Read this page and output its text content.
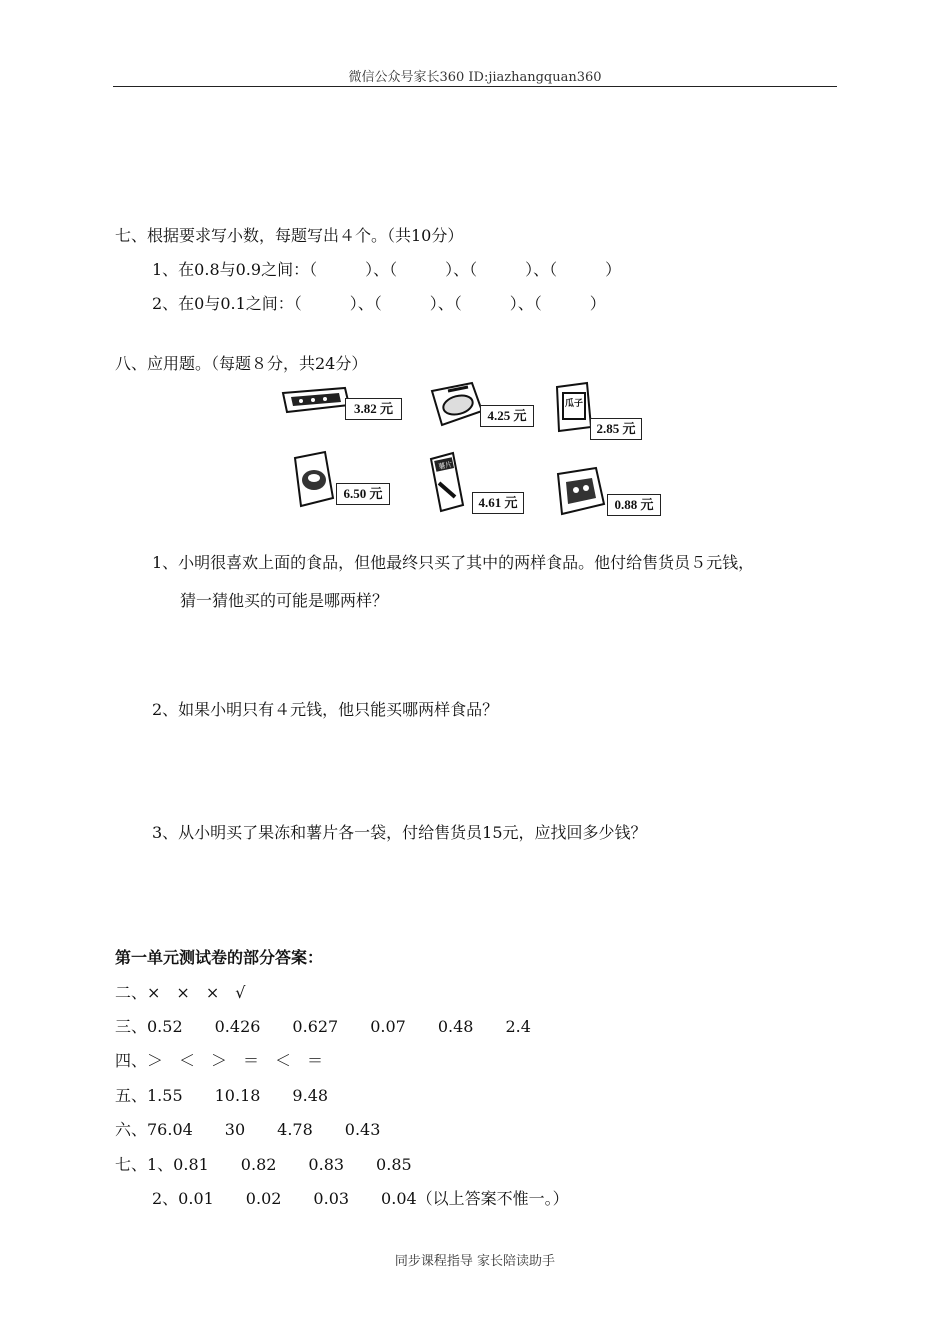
微信公众号家长360 ID:jiazhangquan360
七、根据要求写小数，每题写出４个。（共10分）
1、在0.8与0.9之间：（　　　）、（　　　）、（　　　）、（　　　）
2、在0与0.1之间：（　　　）、（　　　）、（　　　）、（　　　）
八、应用题。（每题８分，共24分）
3.82 元	4.25 元
瓜子
2.85 元
6.50 元
薯片
4.61 元	0.88 元
1、小明很喜欢上面的食品，但他最终只买了其中的两样食品。他付给售货员５元钱，
猜一猜他买的可能是哪两样？
2、如果小明只有４元钱，他只能买哪两样食品？
3、从小明买了果冻和薯片各一袋，付给售货员15元，应找回多少钱？
第一单元测试卷的部分答案：
二、×　×　×　√
三、0.52　　0.426　　0.627　　0.07　　0.48　　2.4
四、＞　＜　＞　＝　＜　＝
五、1.55　　10.18　　9.48
六、76.04　　30　　4.78　　0.43
七、1、0.81　　0.82　　0.83　　0.85
2、0.01　　0.02　　0.03　　0.04（以上答案不惟一。）
同步课程指导 家长陪读助手
